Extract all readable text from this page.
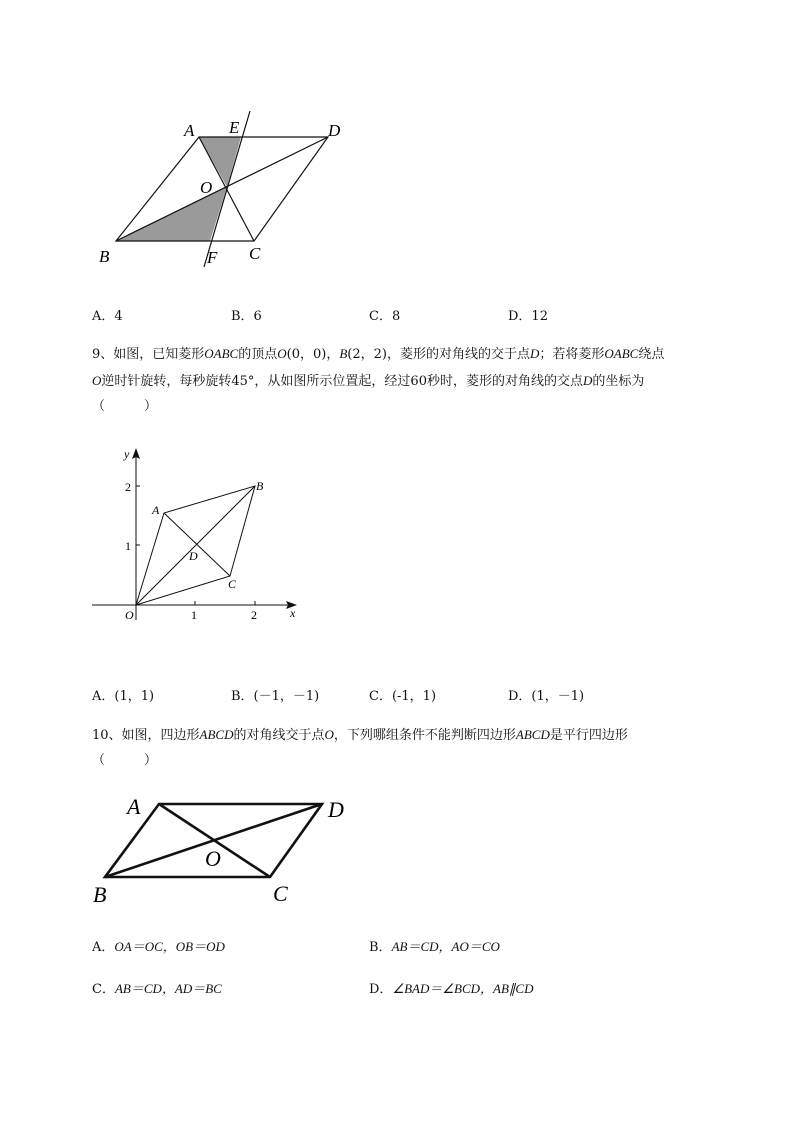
A E	D
O
B	F C
A．4	B．6	C．8	D．12
9、如图，已知菱形OABC的顶点O(0，0)，B(2，2)，菱形的对角线的交于点D；若将菱形OABC绕点
O逆时针旋转，每秒旋转45°，从如图所示位置起，经过60秒时，菱形的对角线的交点D的坐标为
（　　　）
y
x
2
1
1	2
O
A
B
C
D
A．(1，1)	B．(－1，－1)	C．(-1，1)	D．(1，－1)
10、如图，四边形ABCD的对角线交于点O，下列哪组条件不能判断四边形ABCD是平行四边形
（　　　）
A	D
O
B	C
A．OA＝OC，OB＝OD	B．AB＝CD，AO＝CO
C．AB＝CD，AD＝BC	D．∠BAD＝∠BCD，AB∥CD
